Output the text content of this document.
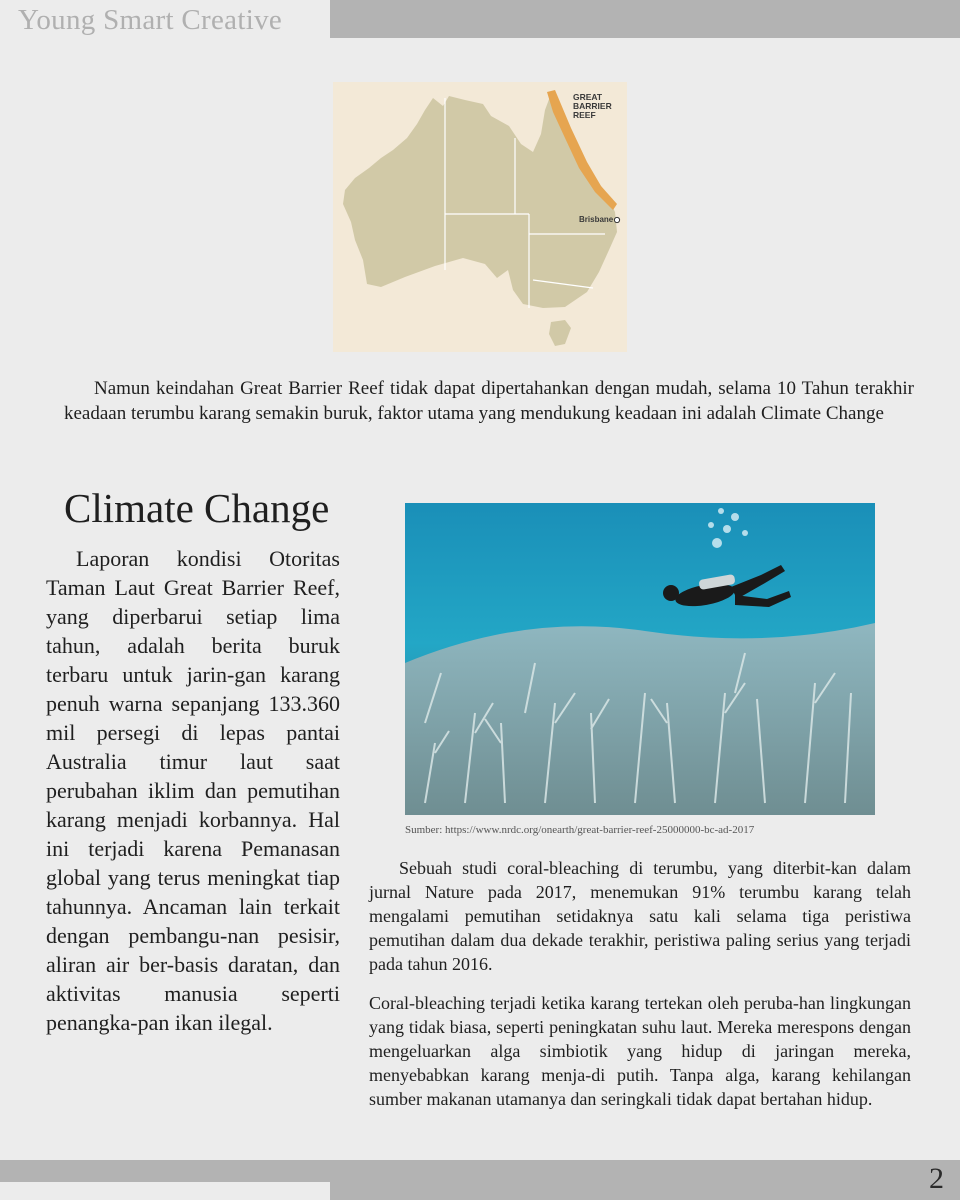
Young Smart Creative
GREAT
BARRIER
REEF
Brisbane

Namun keindahan Great Barrier Reef tidak dapat dipertahankan dengan mudah, selama 10 Tahun terakhir keadaan terumbu karang semakin buruk, faktor utama yang mendukung keadaan ini adalah Climate Change

Climate Change

Laporan kondisi Otoritas Taman Laut Great Barrier Reef, yang diperbarui setiap lima tahun, adalah berita buruk terbaru untuk jarin-gan karang penuh warna sepanjang 133.360 mil persegi di lepas pantai Australia timur laut saat perubahan iklim dan pemutihan karang menjadi korbannya. Hal ini terjadi karena Pemanasan global yang terus meningkat tiap tahunnya. Ancaman lain terkait dengan pembangu-nan pesisir, aliran air ber-basis daratan, dan aktivitas manusia seperti penangka-pan ikan ilegal.

Sumber: https://www.nrdc.org/onearth/great-barrier-reef-25000000-bc-ad-2017

Sebuah studi coral-bleaching di terumbu, yang diterbit-kan dalam jurnal Nature pada 2017, menemukan 91% terumbu karang telah mengalami pemutihan setidaknya satu kali selama tiga peristiwa pemutihan dalam dua dekade terakhir, peristiwa paling serius yang terjadi pada tahun 2016.

Coral-bleaching terjadi ketika karang tertekan oleh peruba-han lingkungan yang tidak biasa, seperti peningkatan suhu laut. Mereka merespons dengan mengeluarkan alga simbiotik yang hidup di jaringan mereka, menyebabkan karang menja-di putih. Tanpa alga, karang kehilangan sumber makanan utamanya dan seringkali tidak dapat bertahan hidup.

2
